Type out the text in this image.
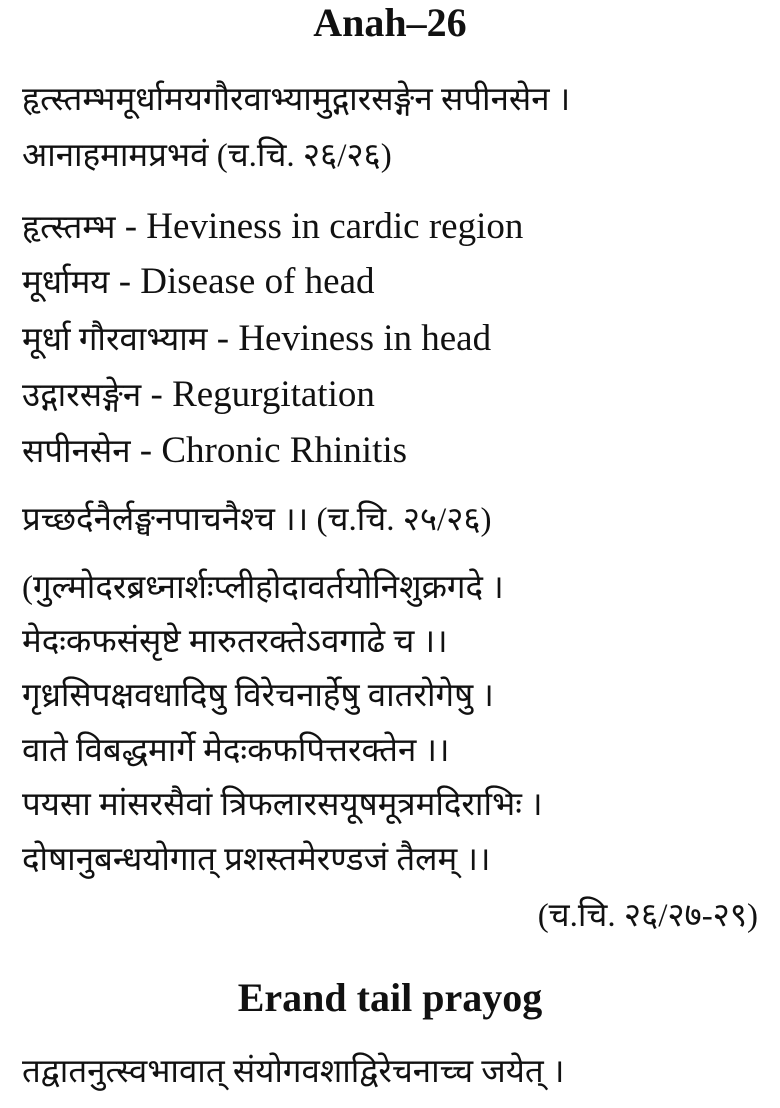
Anah–26
हृत्स्तम्भमूर्धामयगौरवाभ्यामुद्गारसङ्गेन सपीनसेन ।
आनाहमामप्रभवं (च.चि. २६/२६)
हृत्स्तम्भ - Heviness in cardic region
मूर्धामय - Disease of head
मूर्धा गौरवाभ्याम - Heviness in head
उद्गारसङ्गेन - Regurgitation
सपीनसेन - Chronic Rhinitis
प्रच्छर्दनैर्लङ्घनपाचनैश्च ।। (च.चि. २५/२६)
(गुल्मोदरब्रध्नार्शःप्लीहोदावर्तयोनिशुक्रगदे ।
मेदःकफसंसृष्टे मारुतरक्तेऽवगाढे च ।।
गृध्रसिपक्षवधादिषु विरेचनार्हेषु वातरोगेषु ।
वाते विबद्धमार्गे मेदःकफपित्तरक्तेन ।।
पयसा मांसरसैवां त्रिफलारसयूषमूत्रमदिराभिः ।
दोषानुबन्धयोगात् प्रशस्तमेरण्डजं तैलम् ।।
(च.चि. २६/२७-२९)
Erand tail prayog
तद्वातनुत्स्वभावात् संयोगवशाद्विरेचनाच्च जयेत् ।
